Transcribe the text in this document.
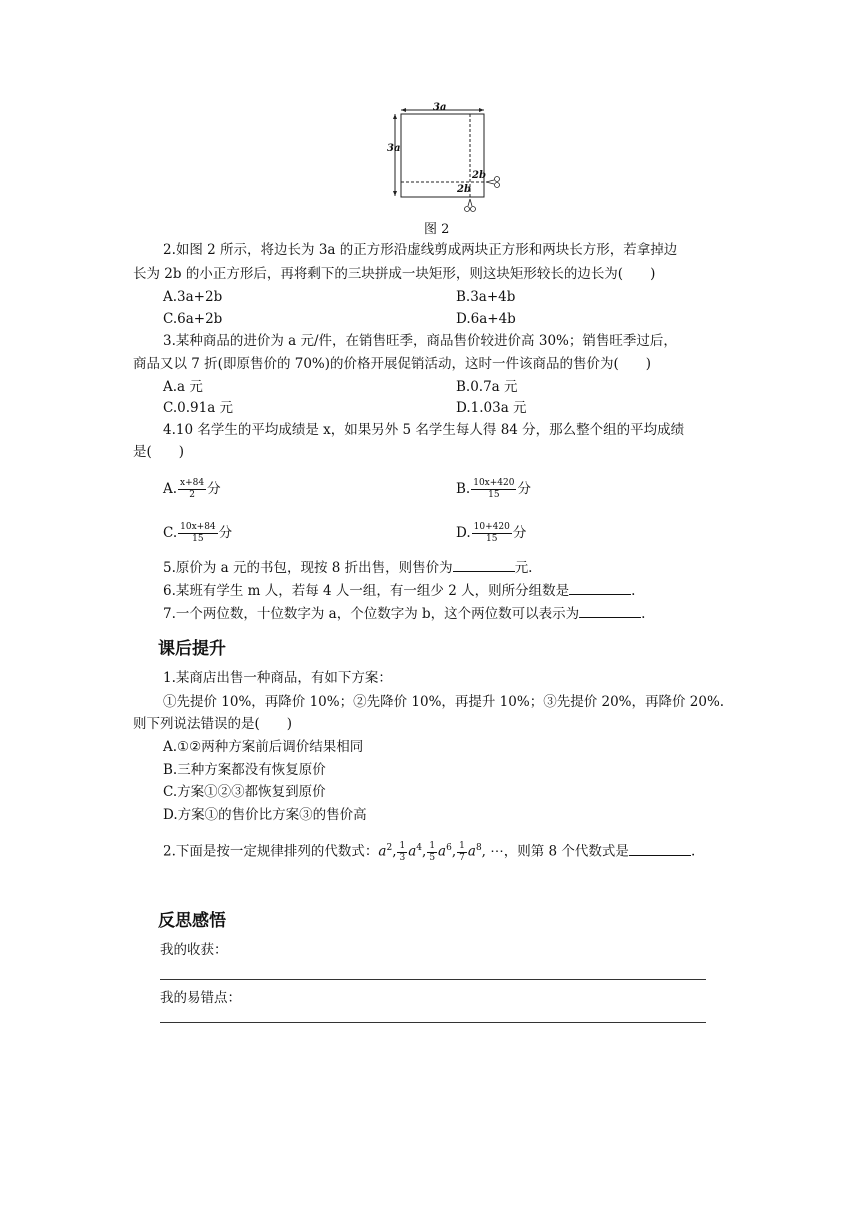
3a
3a
2b
2b
图 2
2.如图 2 所示，将边长为 3a 的正方形沿虚线剪成两块正方形和两块长方形，若拿掉边
长为 2b 的小正方形后，再将剩下的三块拼成一块矩形，则这块矩形较长的边长为(　　)
A.3a+2b	B.3a+4b
C.6a+2b	D.6a+4b
3.某种商品的进价为 a 元/件，在销售旺季，商品售价较进价高 30%；销售旺季过后，
商品又以 7 折(即原售价的 70%)的价格开展促销活动，这时一件该商品的售价为(　　)
A.a 元	B.0.7a 元
C.0.91a 元	D.1.03a 元
4.10 名学生的平均成绩是 x，如果另外 5 名学生每人得 84 分，那么整个组的平均成绩
是(　　)
A. $\frac{x+84}{2}$ 分	B. $\frac{10x+420}{15}$ 分
C. $\frac{10x+84}{15}$ 分	D. $\frac{10+420}{15}$ 分
5.原价为 a 元的书包，现按 8 折出售，则售价为	元.
6.某班有学生 m 人，若每 4 人一组，有一组少 2 人，则所分组数是	.
7.一个两位数，十位数字为 a，个位数字为 b，这个两位数可以表示为	.
课后提升
1.某商店出售一种商品，有如下方案：
①先提价 10%，再降价 10%；②先降价 10%，再提升 10%；③先提价 20%，再降价 20%.
则下列说法错误的是(　　)
A.①②两种方案前后调价结果相同
B.三种方案都没有恢复原价
C.方案①②③都恢复到原价
D.方案①的售价比方案③的售价高
2.下面是按一定规律排列的代数式：$a^2$, $\frac{1}{3} a^4$, $\frac{1}{5} a^6$, $\frac{1}{7} a^8$, ⋯，则第 8 个代数式是	.
反思感悟
我的收获：
我的易错点：
